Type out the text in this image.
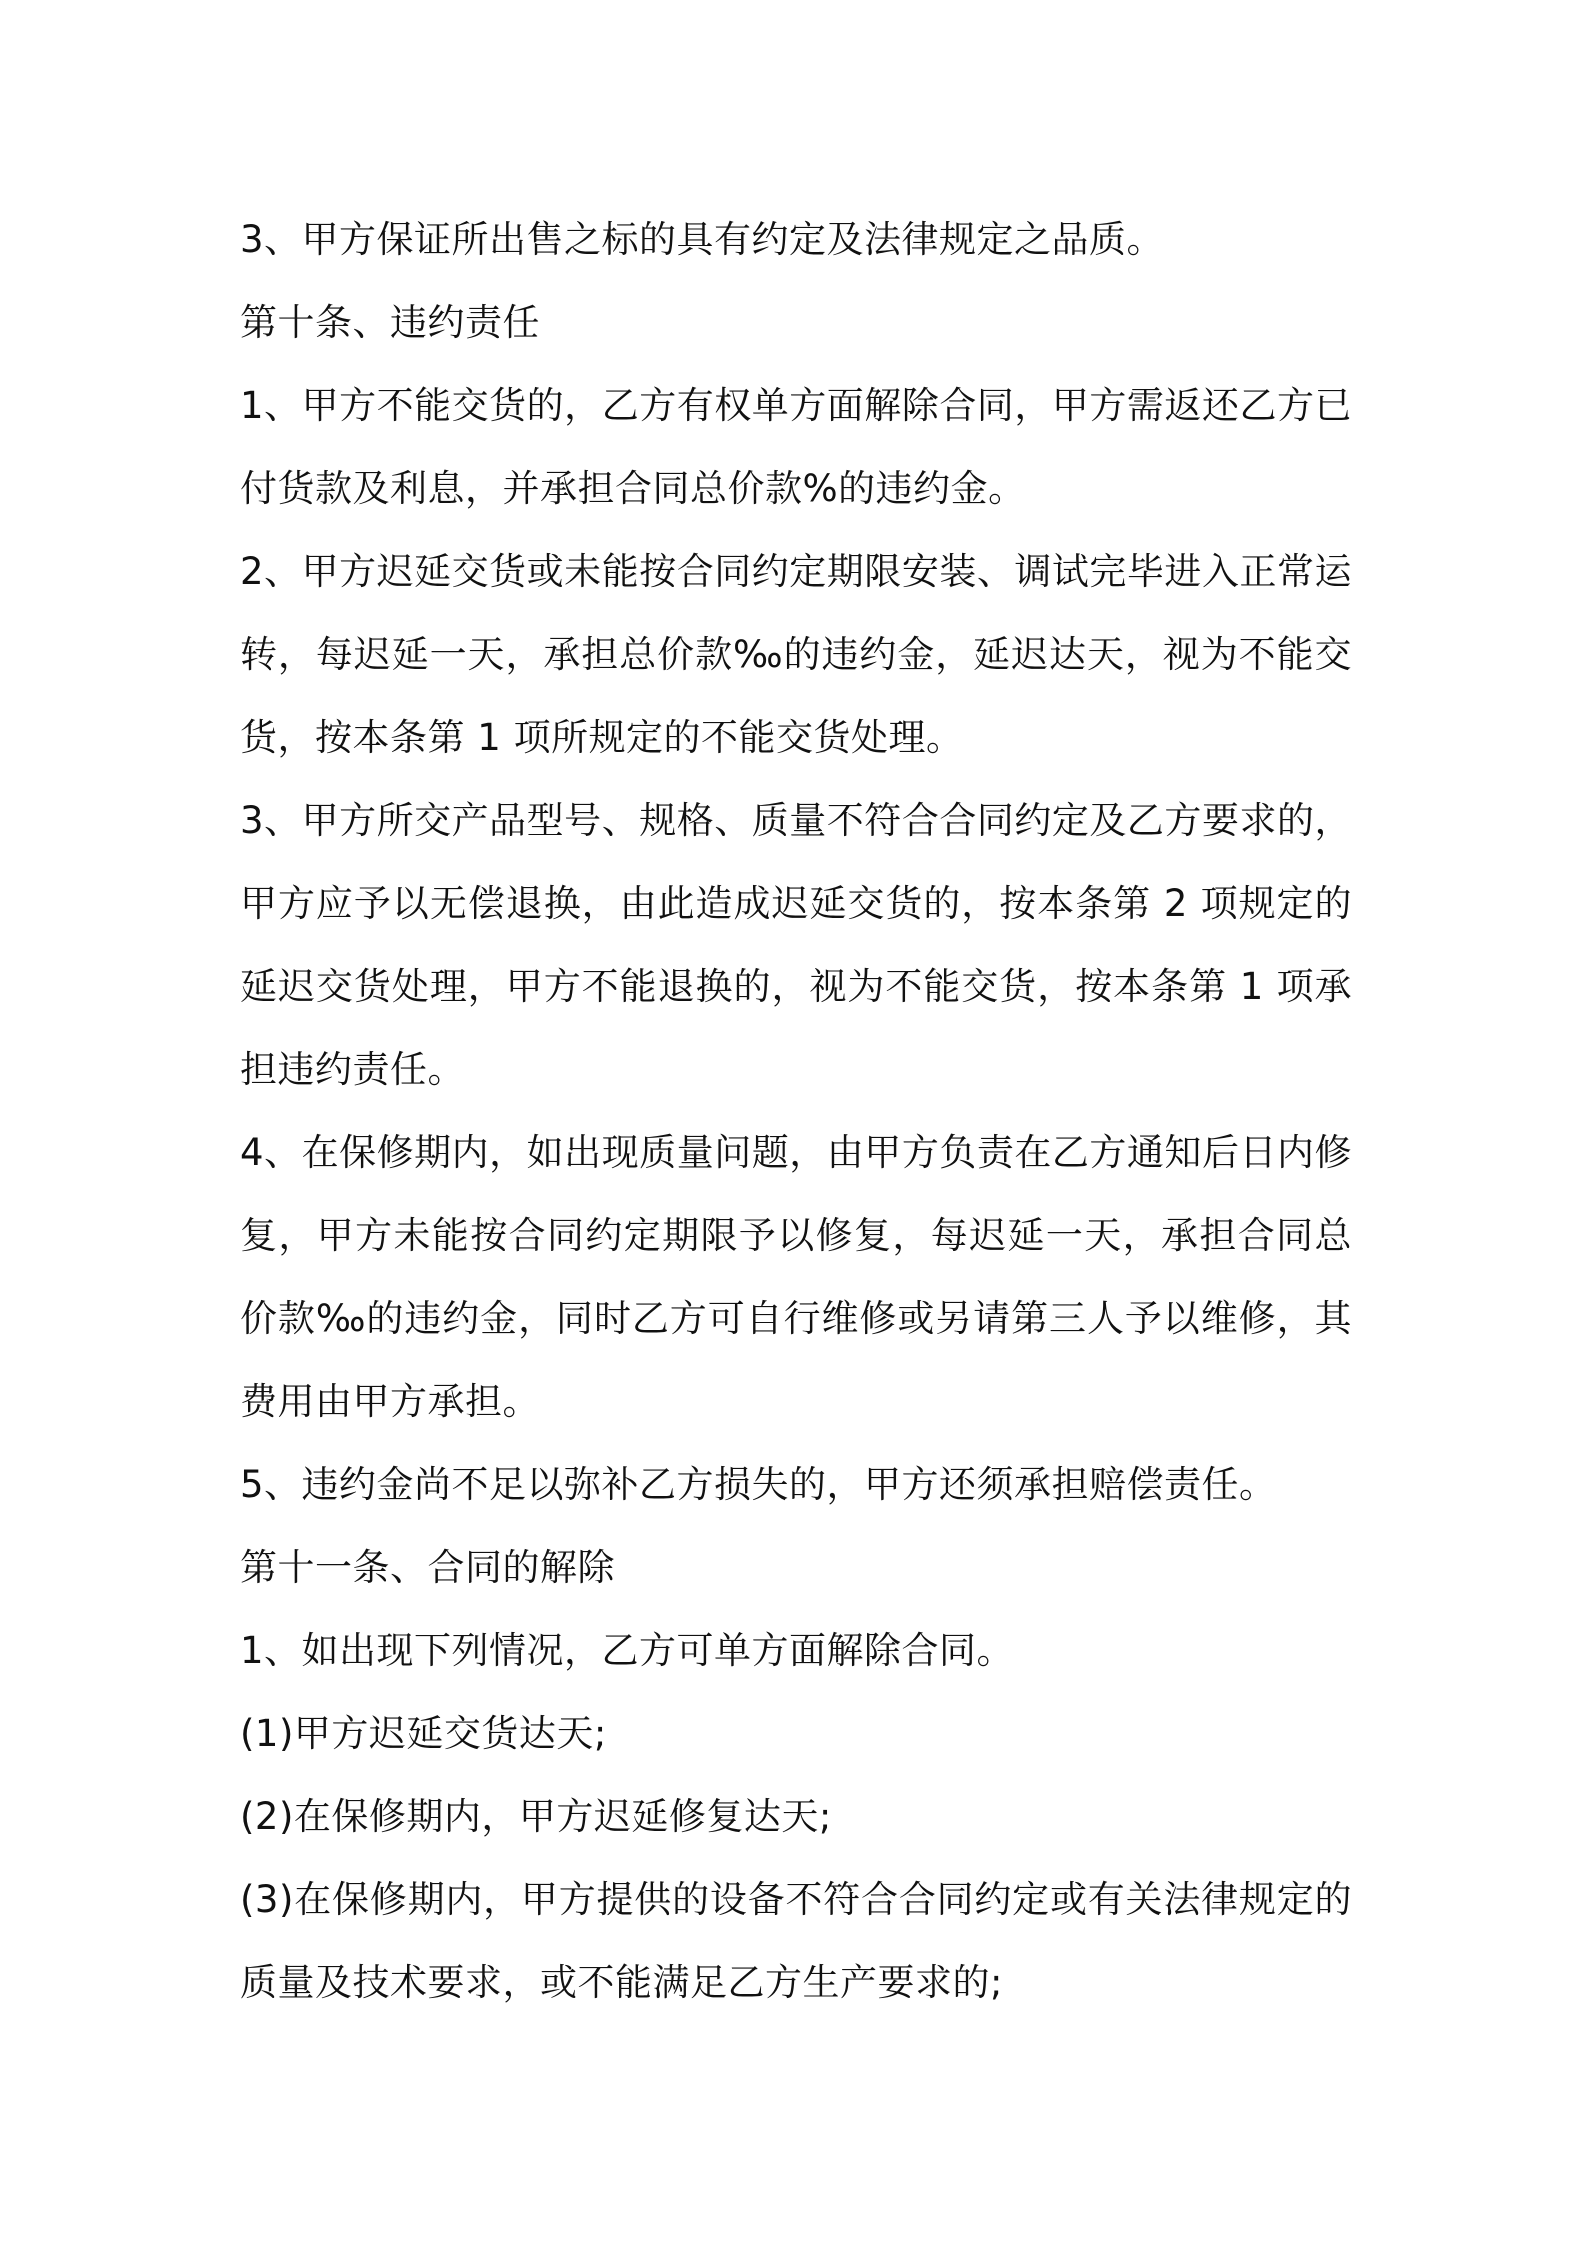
3、甲方保证所出售之标的具有约定及法律规定之品质。

第十条、违约责任

1、甲方不能交货的，乙方有权单方面解除合同，甲方需返还乙方已付货款及利息，并承担合同总价款%的违约金。

2、甲方迟延交货或未能按合同约定期限安装、调试完毕进入正常运转，每迟延一天，承担总价款‰的违约金，延迟达天，视为不能交货，按本条第 1 项所规定的不能交货处理。

3、甲方所交产品型号、规格、质量不符合合同约定及乙方要求的，甲方应予以无偿退换，由此造成迟延交货的，按本条第 2 项规定的延迟交货处理，甲方不能退换的，视为不能交货，按本条第 1 项承担违约责任。

4、在保修期内，如出现质量问题，由甲方负责在乙方通知后日内修复，甲方未能按合同约定期限予以修复，每迟延一天，承担合同总价款‰的违约金，同时乙方可自行维修或另请第三人予以维修，其费用由甲方承担。

5、违约金尚不足以弥补乙方损失的，甲方还须承担赔偿责任。

第十一条、合同的解除

1、如出现下列情况，乙方可单方面解除合同。

(1)甲方迟延交货达天;

(2)在保修期内，甲方迟延修复达天;

(3)在保修期内，甲方提供的设备不符合合同约定或有关法律规定的质量及技术要求，或不能满足乙方生产要求的;
